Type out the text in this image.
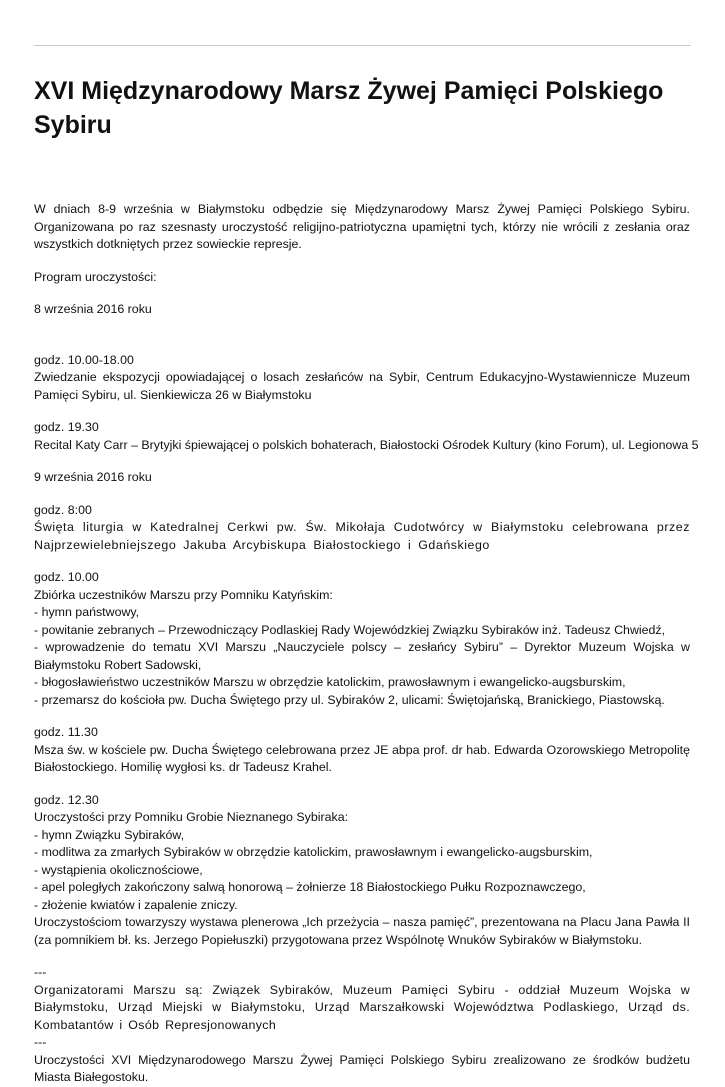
XVI Międzynarodowy Marsz Żywej Pamięci Polskiego Sybiru

W dniach 8-9 września w Białymstoku odbędzie się Międzynarodowy Marsz Żywej Pamięci Polskiego Sybiru. Organizowana po raz szesnasty uroczystość religijno-patriotyczna upamiętni tych, którzy nie wrócili z zesłania oraz wszystkich dotkniętych przez sowieckie represje.

Program uroczystości:

8 września 2016 roku

godz. 10.00-18.00

Zwiedzanie ekspozycji opowiadającej o losach zesłańców na Sybir, Centrum Edukacyjno-Wystawiennicze Muzeum Pamięci Sybiru, ul. Sienkiewicza 26 w Białymstoku

godz. 19.30

Recital Katy Carr – Brytyjki śpiewającej o polskich bohaterach, Białostocki Ośrodek Kultury (kino Forum), ul. Legionowa 5

9 września 2016 roku

godz. 8:00

Święta liturgia w Katedralnej Cerkwi pw. Św. Mikołaja Cudotwórcy w Białymstoku celebrowana przez Najprzewielebniejszego Jakuba Arcybiskupa Białostockiego i Gdańskiego

godz. 10.00

Zbiórka uczestników Marszu przy Pomniku Katyńskim:
- hymn państwowy,
- powitanie zebranych – Przewodniczący Podlaskiej Rady Wojewódzkiej Związku Sybiraków inż. Tadeusz Chwiedź,
- wprowadzenie do tematu XVI Marszu „Nauczyciele polscy – zesłańcy Sybiru” – Dyrektor Muzeum Wojska w Białymstoku Robert Sadowski,
- błogosławieństwo uczestników Marszu w obrzędzie katolickim, prawosławnym i ewangelicko-augsburskim,
- przemarsz do kościoła pw. Ducha Świętego przy ul. Sybiraków 2, ulicami: Świętojańską, Branickiego, Piastowską.

godz. 11.30

Msza św. w kościele pw. Ducha Świętego celebrowana przez JE abpa prof. dr hab. Edwarda Ozorowskiego Metropolitę Białostockiego. Homilię wygłosi ks. dr Tadeusz Krahel.

godz. 12.30

Uroczystości przy Pomniku Grobie Nieznanego Sybiraka:
- hymn Związku Sybiraków,
- modlitwa za zmarłych Sybiraków w obrzędzie katolickim, prawosławnym i ewangelicko-augsburskim,
- wystąpienia okolicznościowe,
- apel poległych zakończony salwą honorową – żołnierze 18 Białostockiego Pułku Rozpoznawczego,
- złożenie kwiatów i zapalenie zniczy.
Uroczystościom towarzyszy wystawa plenerowa „Ich przeżycia – nasza pamięć”, prezentowana na Placu Jana Pawła II (za pomnikiem bł. ks. Jerzego Popiełuszki) przygotowana przez Wspólnotę Wnuków Sybiraków w Białymstoku.

---

Organizatorami Marszu są: Związek Sybiraków, Muzeum Pamięci Sybiru - oddział Muzeum Wojska w Białymstoku, Urząd Miejski w Białymstoku, Urząd Marszałkowski Województwa Podlaskiego, Urząd ds. Kombatantów i Osób Represjonowanych

---

Uroczystości XVI Międzynarodowego Marszu Żywej Pamięci Polskiego Sybiru zrealizowano ze środków budżetu Miasta Białegostoku.
